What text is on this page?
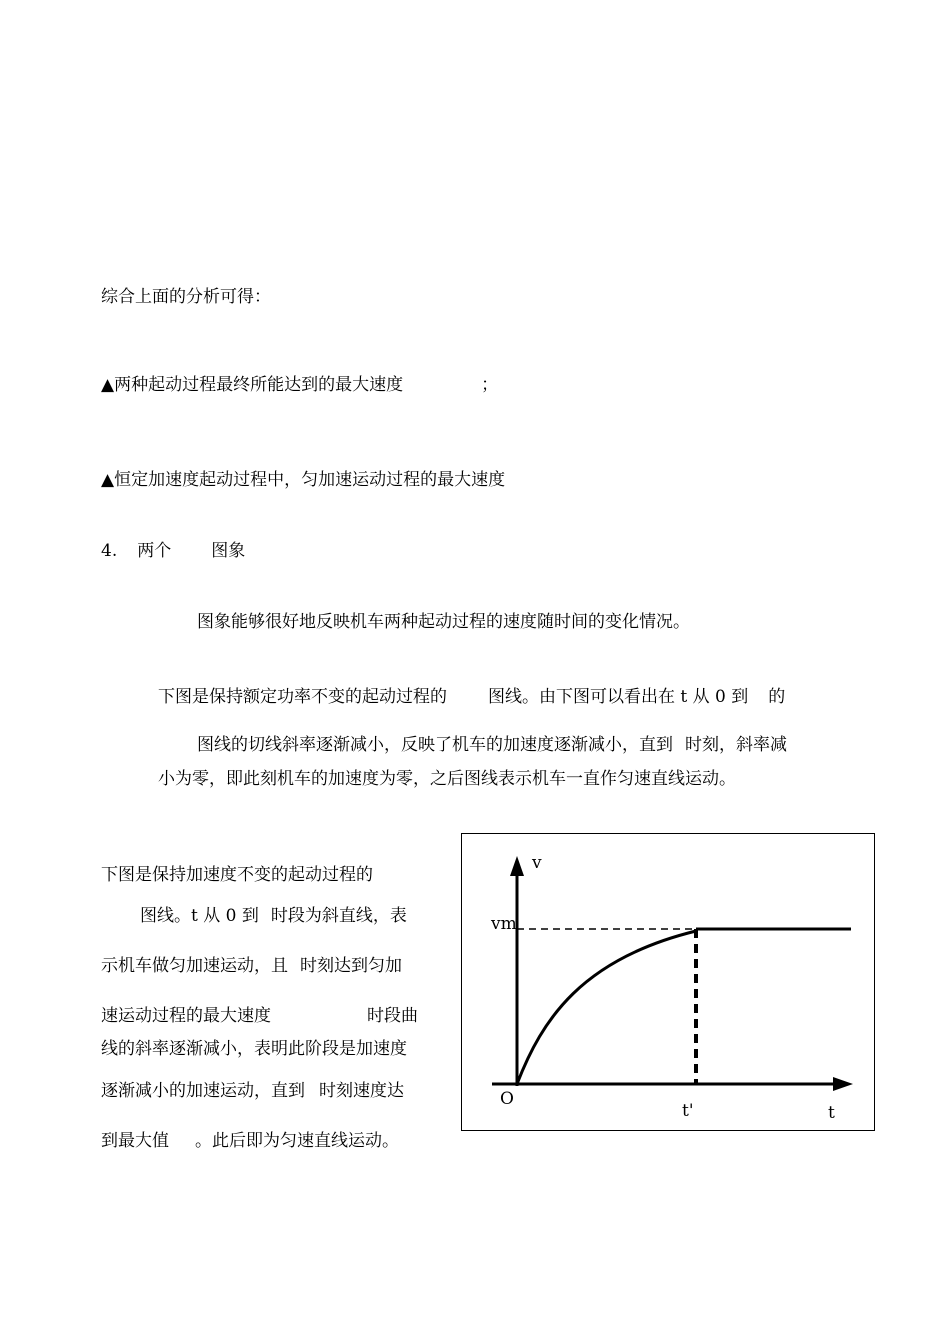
综合上面的分析可得：
▲两种起动过程最终所能达到的最大速度	；
▲恒定加速度起动过程中，匀加速运动过程的最大速度
4. 两个 图象
图象能够很好地反映机车两种起动过程的速度随时间的变化情况。
下图是保持额定功率不变的起动过程的 图线。由下图可以看出在 t 从 0 到 的
图线的切线斜率逐渐减小，反映了机车的加速度逐渐减小，直到 时刻，斜率减
小为零，即此刻机车的加速度为零，之后图线表示机车一直作匀速直线运动。
下图是保持加速度不变的起动过程的
图线。t 从 0 到 时段为斜直线，表
示机车做匀加速运动，且 时刻达到匀加
速运动过程的最大速度	时段曲
线的斜率逐渐减小，表明此阶段是加速度
逐渐减小的加速运动，直到 时刻速度达
到最大值 。此后即为匀速直线运动。
v
vm
O
t'	t
